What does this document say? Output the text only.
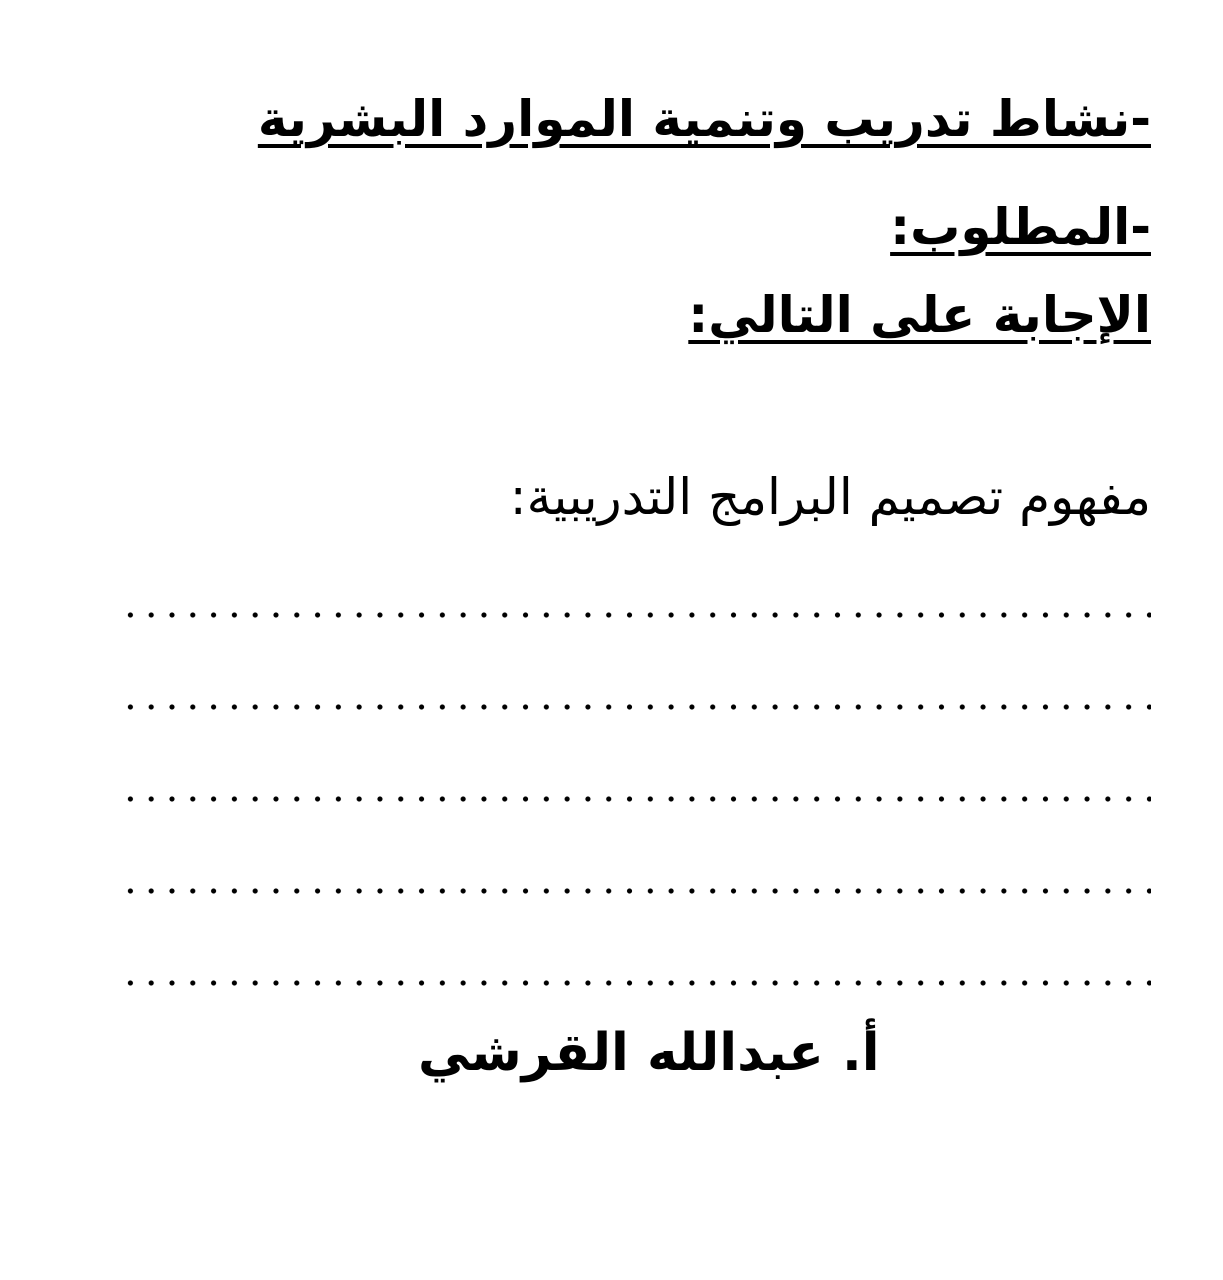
-نشاط تدريب وتنمية الموارد البشرية
-المطلوب:
الإجابة على التالي:

مفهوم تصميم البرامج التدريبية:

أ. عبدالله القرشي
